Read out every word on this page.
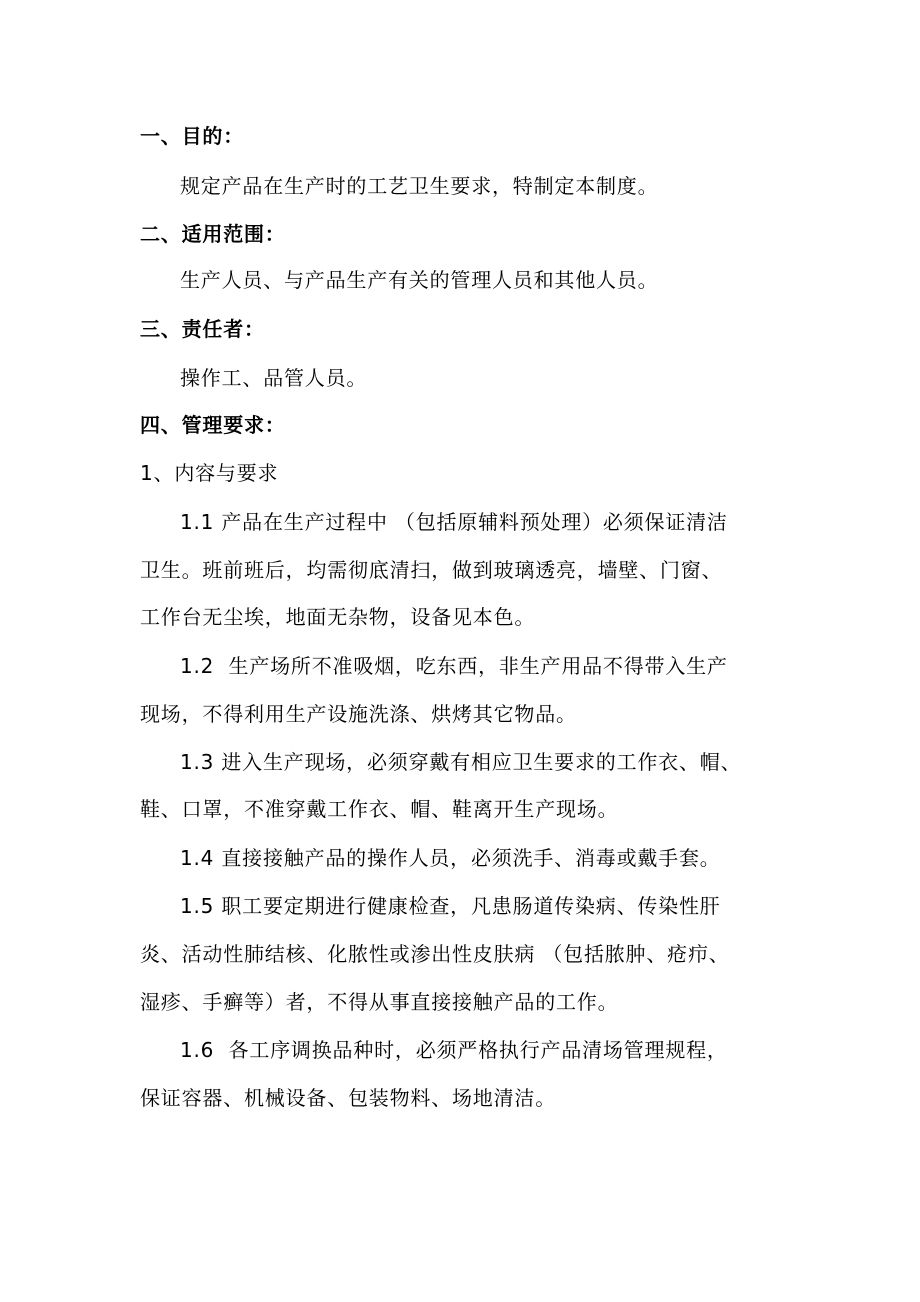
一、目的：
规定产品在生产时的工艺卫生要求，特制定本制度。
二、适用范围：
生产人员、与产品生产有关的管理人员和其他人员。
三、责任者：
操作工、品管人员。
四、管理要求：
1、内容与要求
1.1 产品在生产过程中 （包括原辅料预处理）必须保证清洁
卫生。班前班后，均需彻底清扫，做到玻璃透亮，墙壁、门窗、
工作台无尘埃，地面无杂物，设备见本色。
1.2  生产场所不准吸烟，吃东西，非生产用品不得带入生产
现场，不得利用生产设施洗涤、烘烤其它物品。
1.3 进入生产现场，必须穿戴有相应卫生要求的工作衣、帽、
鞋、口罩，不准穿戴工作衣、帽、鞋离开生产现场。
1.4 直接接触产品的操作人员，必须洗手、消毒或戴手套。
1.5 职工要定期进行健康检查，凡患肠道传染病、传染性肝
炎、活动性肺结核、化脓性或渗出性皮肤病 （包括脓肿、疮疖、
湿疹、手癣等）者，不得从事直接接触产品的工作。
1.6  各工序调换品种时，必须严格执行产品清场管理规程，
保证容器、机械设备、包装物料、场地清洁。
